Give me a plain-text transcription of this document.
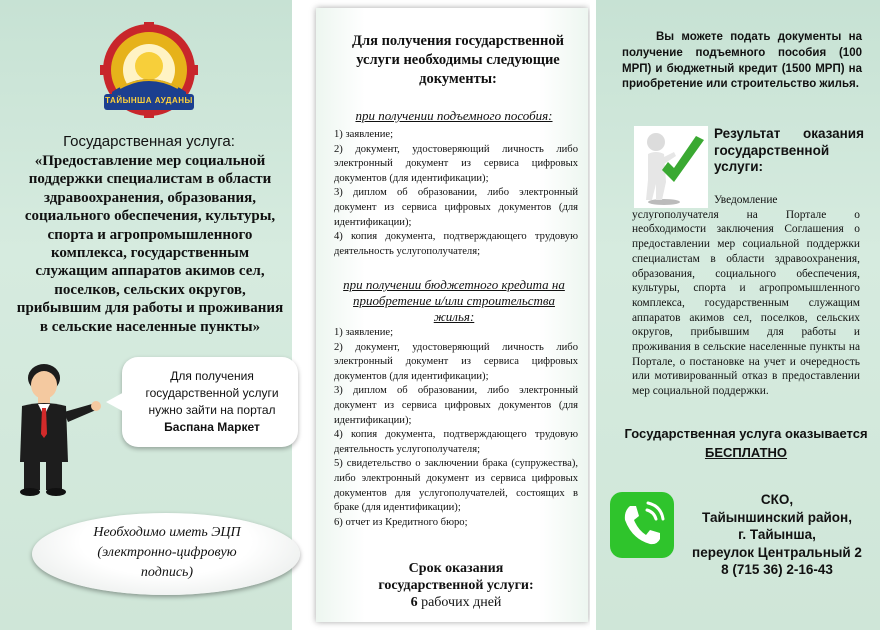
ТАЙЫНША АУДАНЫ
Государственная услуга:
«Предоставление мер социальной поддержки специалистам в области здравоохранения, образования, социального обеспечения, культуры, спорта и агропромышленного комплекса, государственным служащим аппаратов акимов сел, поселков, сельских округов, прибывшим для работы и проживания в сельские населенные пункты»
Для получения государственной услуги нужно зайти на портал
Баспана Маркет
Необходимо иметь ЭЦП (электронно-цифровую подпись)
Для получения государственной услуги необходимы следующие документы:
при получении подъемного пособия:
1) заявление;
2) документ, удостоверяющий личность либо электронный документ из сервиса цифровых документов (для идентификации);
3) диплом об образовании, либо электронный документ из сервиса цифровых документов (для идентификации);
4) копия документа, подтверждающего трудовую деятельность услугополучателя;
при получении бюджетного кредита на приобретение и/или строительства жилья:
1) заявление;
2) документ, удостоверяющий личность либо электронный документ из сервиса цифровых документов (для идентификации);
3) диплом об образовании, либо электронный документ из сервиса цифровых документов (для идентификации);
4) копия документа, подтверждающего трудовую деятельность услугополучателя;
5) свидетельство о заключении брака (супружества), либо электронный документ из сервиса цифровых документов для услугополучателей, состоящих в браке (для идентификации);
6) отчет из Кредитного бюро;
Срок оказания государственной услуги:
6 рабочих дней
Вы можете подать документы на получение подъемного пособия (100 МРП) и бюджетный кредит (1500 МРП) на приобретение или строительство жилья.
Результат оказания государственной услуги:
Уведомление услугополучателя на Портале о необходимости заключения Соглашения о предоставлении мер социальной поддержки специалистам в области здравоохранения, образования, социального обеспечения, культуры, спорта и агропромышленного комплекса, государственным служащим аппаратов акимов сел, поселков, сельских округов, прибывшим для работы и проживания в сельские населенные пункты на Портале, о постановке на учет и очередность или мотивированный отказ в предоставлении мер социальной поддержки.
Государственная услуга оказывается БЕСПЛАТНО
СКО,
Тайыншинский район,
г. Тайынша,
переулок Центральный 2
8 (715 36) 2-16-43
